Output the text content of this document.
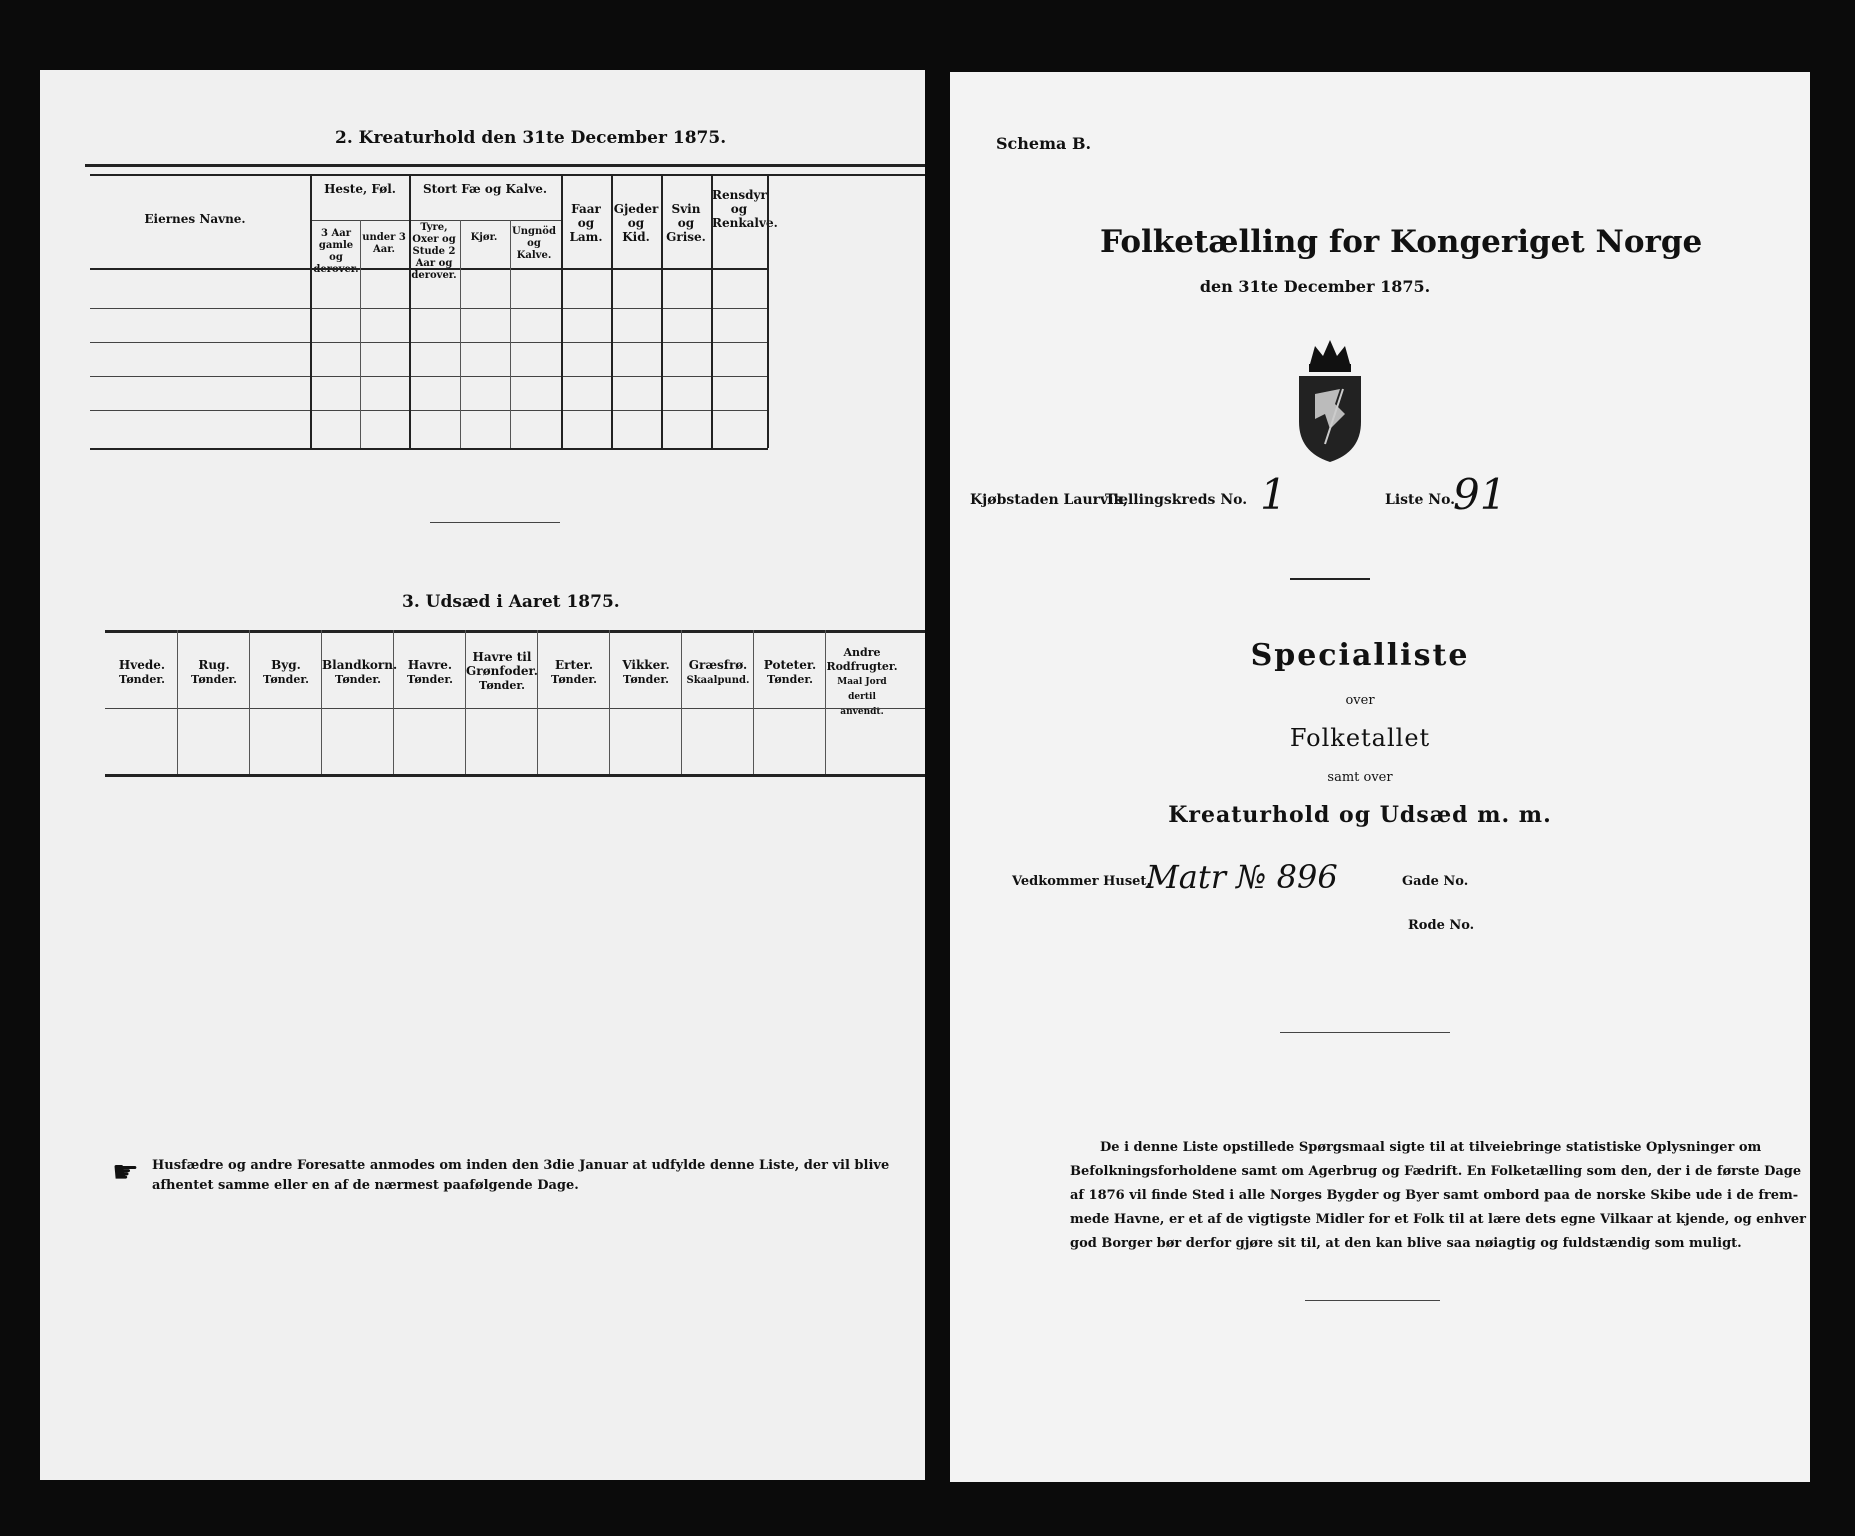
2. Kreaturhold den 31te December 1875.
Eiernes Navne.
Heste, Føl.
3 Aar gamle og derover.
under 3 Aar.
Stort Fæ og Kalve.
Tyre, Oxer og Stude 2 Aar og derover.
Kjør.
Ungnöd og Kalve.
Faar og Lam.
Gjeder og Kid.
Svin og Grise.
Rensdyr og Renkalve.
3. Udsæd i Aaret 1875.
Hvede.
Tønder.
Rug.
Tønder.
Byg.
Tønder.
Blandkorn.
Tønder.
Havre.
Tønder.
Havre til Grønfoder.
Tønder.
Erter.
Tønder.
Vikker.
Tønder.
Græsfrø.
Skaalpund.
Poteter.
Tønder.
Andre Rodfrugter.
Maal Jord dertil anvendt.
☛ Husfædre og andre Foresatte anmodes om inden den 3die Januar at udfylde denne Liste, der vil blive
afhentet samme eller en af de nærmest paafølgende Dage.
Schema B.
Folketælling for Kongeriget Norge
den 31te December 1875.
Kjøbstaden Laurvik,
Tællingskreds No. 1	Liste No.
91
Specialliste
over
Folketallet
samt over
Kreaturhold og Udsæd m. m.
Vedkommer Huset,
Matr № 896	Gade No.
Rode No.
De i denne Liste opstillede Spørgsmaal sigte til at tilveiebringe statistiske Oplysninger om
Befolkningsforholdene samt om Agerbrug og Fædrift. En Folketælling som den, der i de første Dage
af 1876 vil finde Sted i alle Norges Bygder og Byer samt ombord paa de norske Skibe ude i de frem-
mede Havne, er et af de vigtigste Midler for et Folk til at lære dets egne Vilkaar at kjende, og enhver
god Borger bør derfor gjøre sit til, at den kan blive saa nøiagtig og fuldstændig som muligt.
